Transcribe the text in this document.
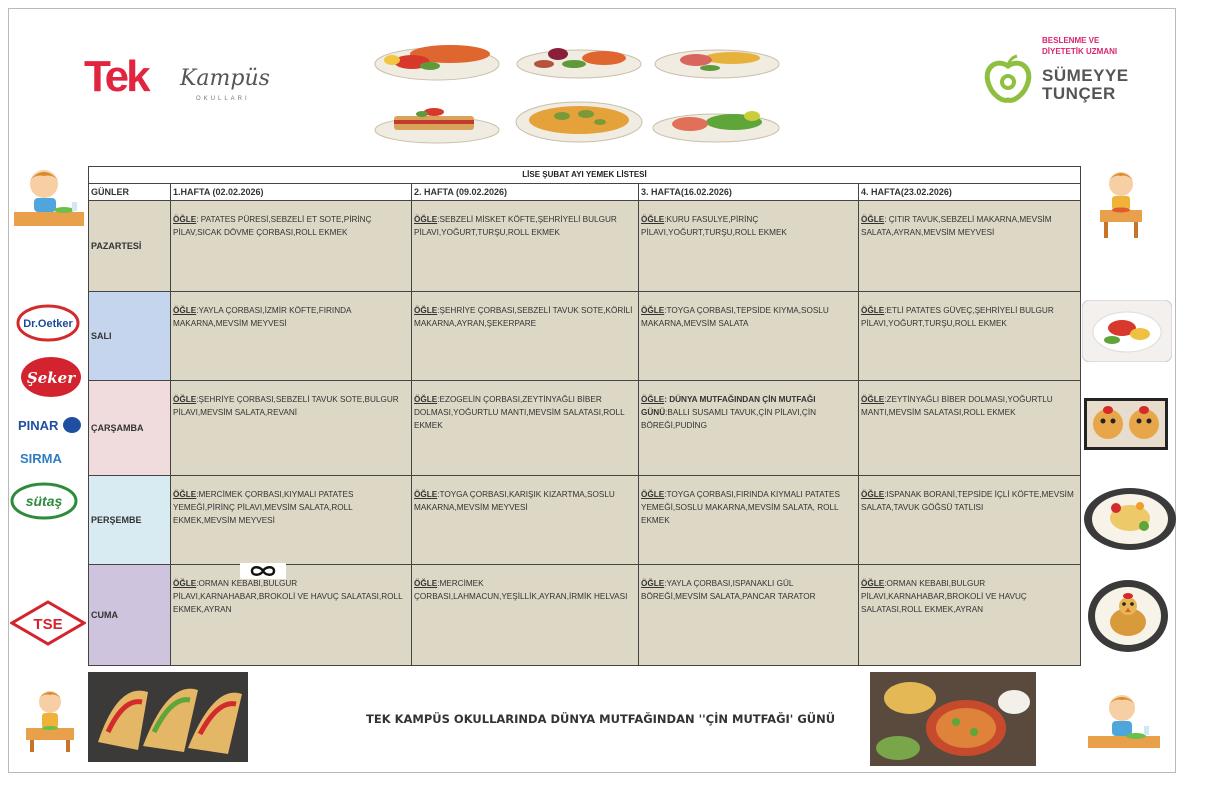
Tek Kampüs
OKULLARI
BESLENME VE
DİYETETİK UZMANI
SÜMEYYE
TUNÇER
Dr.Oetker
Şeker
PINAR
SIRMA
sütaş
TSE
LİSE ŞUBAT AYI YEMEK LİSTESİ				
GÜNLER	1.HAFTA (02.02.2026)	2. HAFTA (09.02.2026)	3. HAFTA(16.02.2026)	4. HAFTA(23.02.2026)
PAZARTESİ	ÖĞLE: PATATES PÜRESİ,SEBZELİ ET SOTE,PİRİNÇ PİLAV,SICAK DÖVME ÇORBASI,ROLL EKMEK	ÖĞLE:SEBZELİ MİSKET KÖFTE,ŞEHRİYELİ BULGUR PİLAVI,YOĞURT,TURŞU,ROLL EKMEK	ÖĞLE:KURU FASULYE,PİRİNÇ PİLAVI,YOĞURT,TURŞU,ROLL EKMEK	ÖĞLE: ÇITIR TAVUK,SEBZELİ MAKARNA,MEVSİM SALATA,AYRAN,MEVSİM MEYVESİ
SALI	ÖĞLE:YAYLA ÇORBASI,İZMİR KÖFTE,FIRINDA MAKARNA,MEVSİM MEYVESİ	ÖĞLE:ŞEHRİYE ÇORBASI,SEBZELİ TAVUK SOTE,KÖRİLİ MAKARNA,AYRAN,ŞEKERPARE	ÖĞLE:TOYGA ÇORBASI,TEPSİDE KIYMA,SOSLU MAKARNA,MEVSİM SALATA	ÖĞLE:ETLİ PATATES GÜVEÇ,ŞEHRİYELİ BULGUR PİLAVI,YOĞURT,TURŞU,ROLL EKMEK
ÇARŞAMBA	ÖĞLE:ŞEHRİYE ÇORBASI,SEBZELİ TAVUK SOTE,BULGUR PİLAVI,MEVSİM SALATA,REVANİ	ÖĞLE:EZOGELİN ÇORBASI,ZEYTİNYAĞLI BİBER DOLMASI,YOĞURTLU MANTI,MEVSİM SALATASI,ROLL EKMEK	ÖĞLE: DÜNYA MUTFAĞINDAN ÇİN MUTFAĞI GÜNÜ:BALLI SUSAMLI TAVUK,ÇİN PİLAVI,ÇİN BÖREĞİ,PUDİNG	ÖĞLE:ZEYTİNYAĞLI BİBER DOLMASI,YOĞURTLU MANTI,MEVSİM SALATASI,ROLL EKMEK
PERŞEMBE	ÖĞLE:MERCİMEK ÇORBASI,KIYMALI PATATES YEMEĞİ,PİRİNÇ PİLAVI,MEVSİM SALATA,ROLL EKMEK,MEVSİM MEYVESİ	ÖĞLE:TOYGA ÇORBASI,KARIŞIK KIZARTMA,SOSLU MAKARNA,MEVSİM MEYVESİ	ÖĞLE:TOYGA ÇORBASI,FIRINDA KIYMALI PATATES YEMEĞİ,SOSLU MAKARNA,MEVSİM SALATA, ROLL EKMEK	ÖĞLE:ISPANAK BORANİ,TEPSİDE İÇLİ KÖFTE,MEVSİM SALATA,TAVUK GÖĞSÜ TATLISI
CUMA	ÖĞLE:ORMAN KEBABI,BULGUR PİLAVI,KARNAHABAR,BROKOLİ VE HAVUÇ SALATASI,ROLL EKMEK,AYRAN	ÖĞLE:MERCİMEK ÇORBASI,LAHMACUN,YEŞİLLİK,AYRAN,İRMİK HELVASI	ÖĞLE:YAYLA ÇORBASI,ISPANAKLI GÜL BÖREĞİ,MEVSİM SALATA,PANCAR TARATOR	ÖĞLE:ORMAN KEBABI,BULGUR PİLAVI,KARNAHABAR,BROKOLİ VE HAVUÇ SALATASI,ROLL EKMEK,AYRAN
TEK KAMPÜS OKULLARINDA DÜNYA MUTFAĞINDAN ''ÇİN MUTFAĞI' GÜNÜ
